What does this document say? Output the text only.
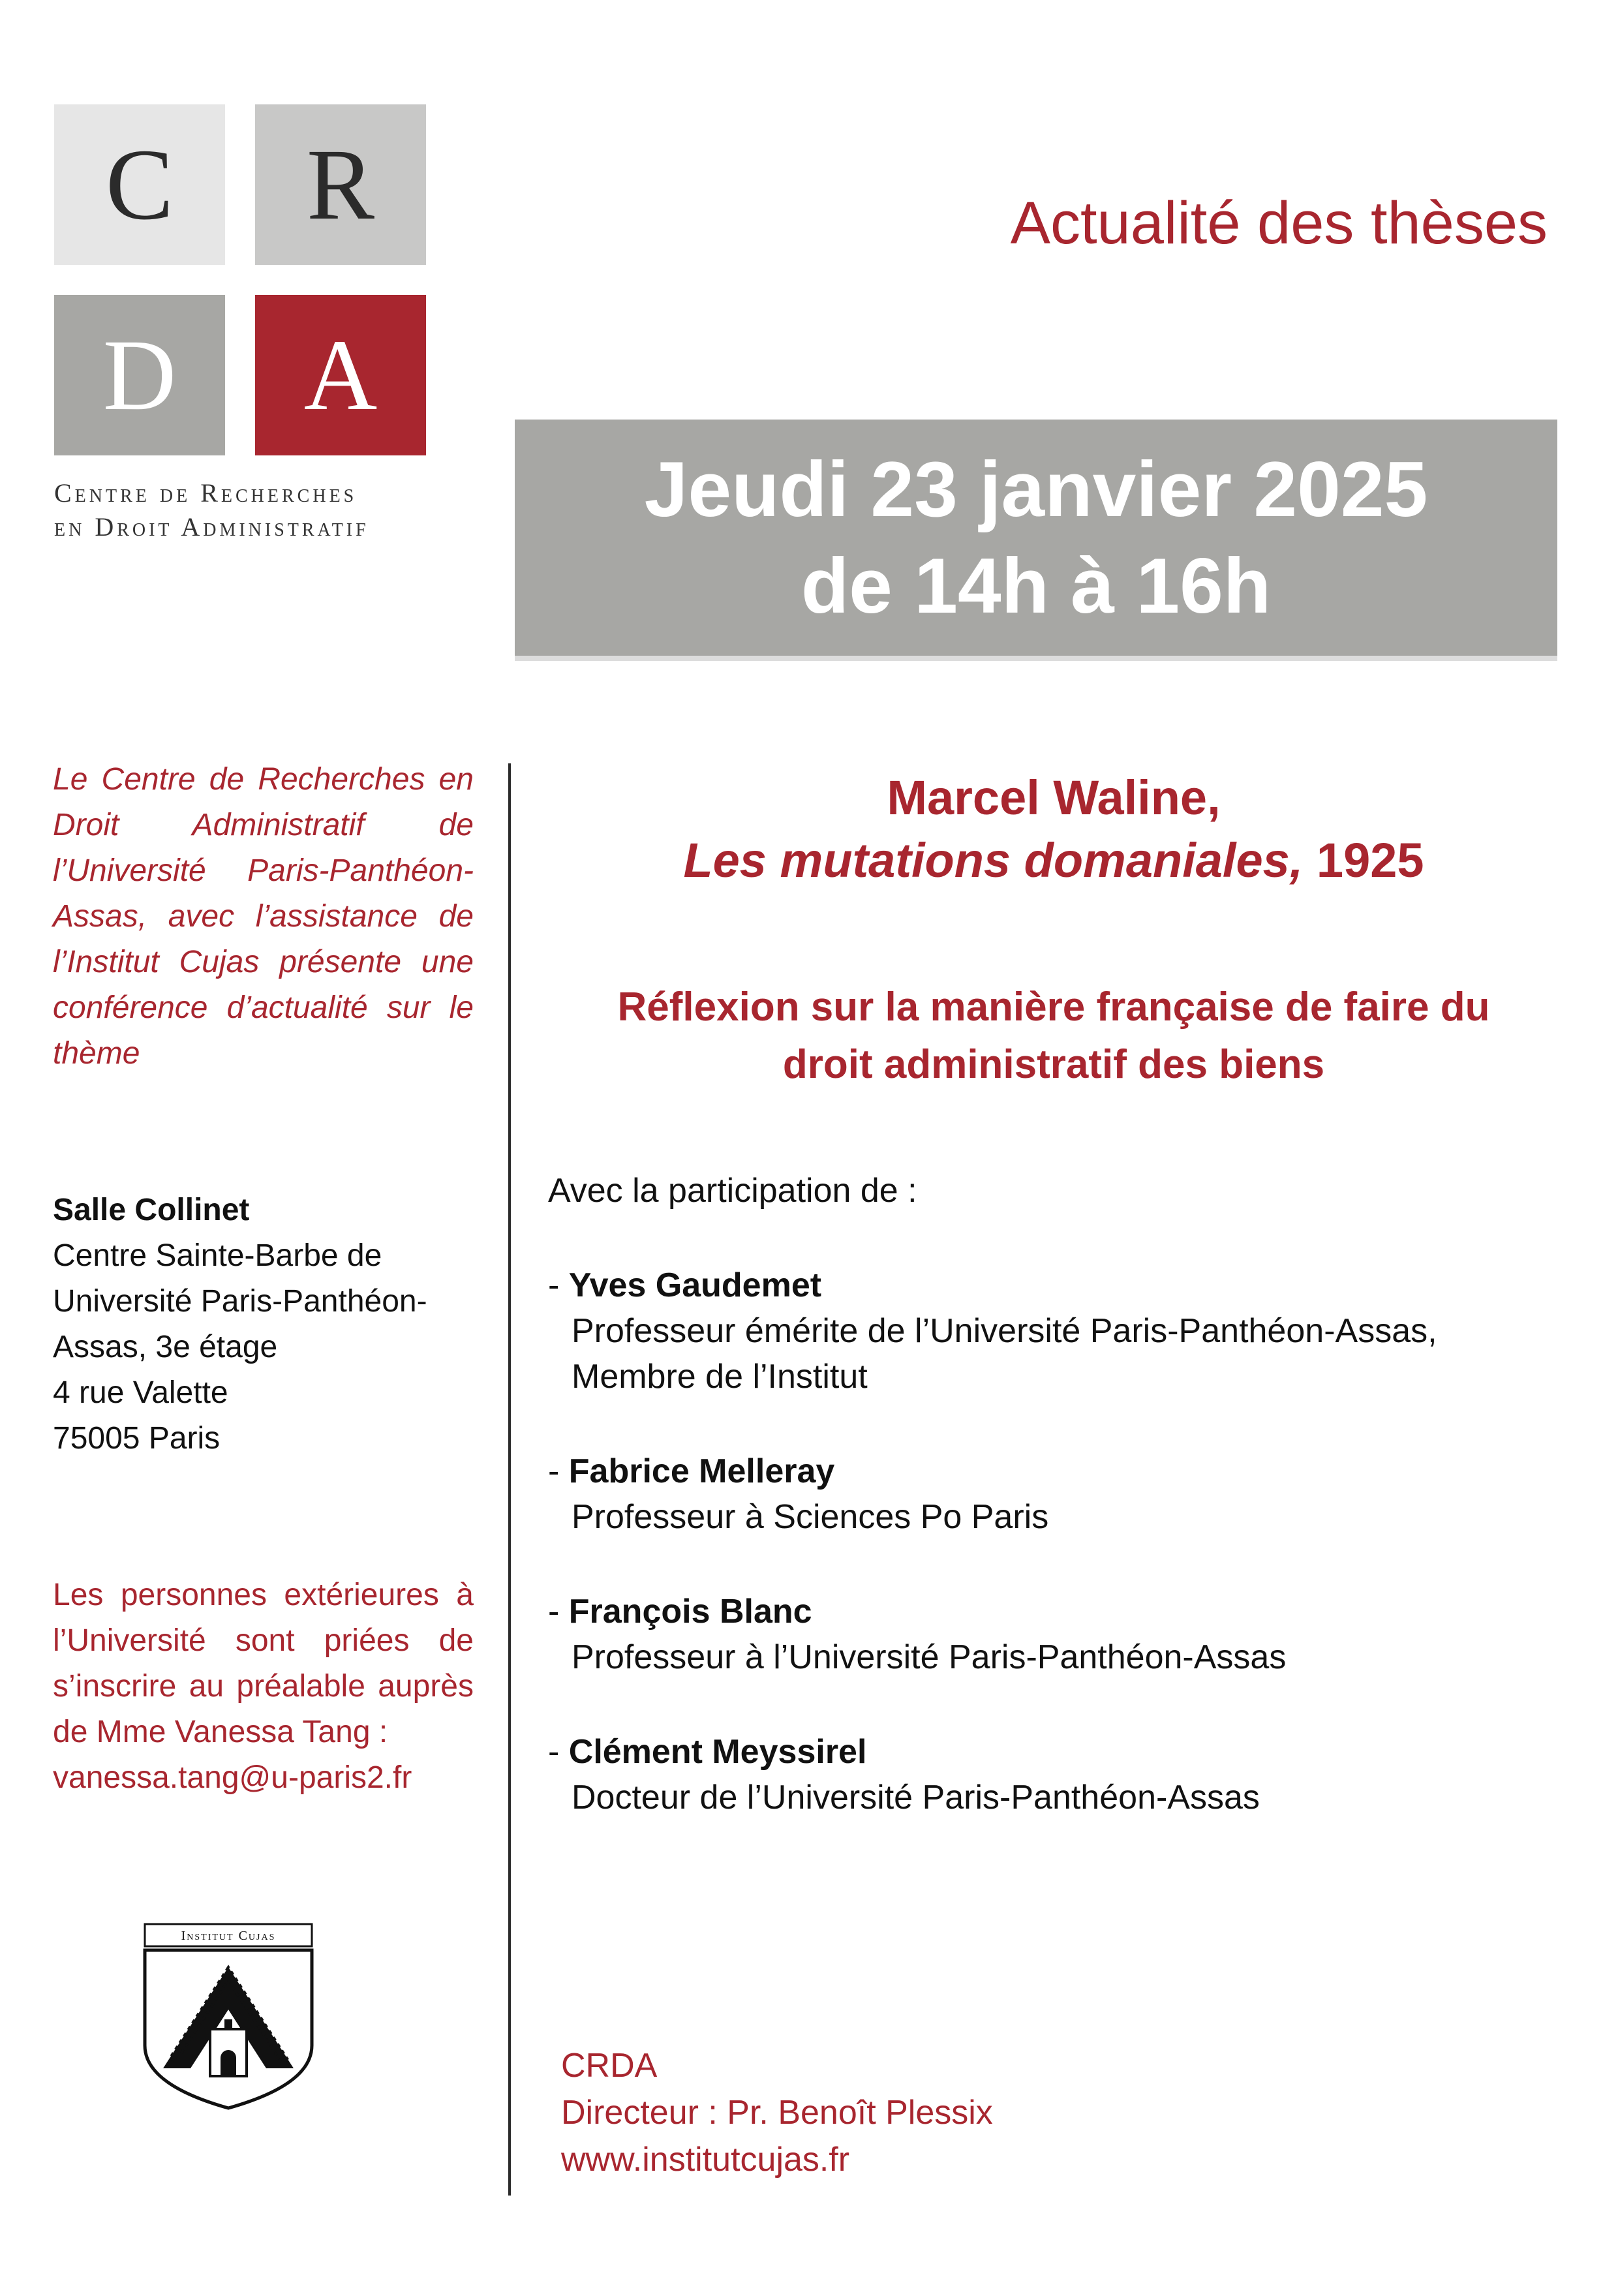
C R
D A
Centre de Recherches
en Droit Administratif
Actualité des thèses
Jeudi 23 janvier 2025
de 14h à 16h
Le Centre de Recherches en Droit Administratif de l’Université Paris-Panthéon-Assas, avec l’assistance de l’Institut Cujas présente une conférence d’actualité sur le thème
Salle Collinet
Centre Sainte-Barbe de
Université Paris-Panthéon-
Assas, 3e étage
4 rue Valette
75005 Paris
Les personnes extérieures à l’Université sont priées de s’inscrire au préalable auprès de Mme Vanessa Tang :
vanessa.tang@u-paris2.fr
Institut Cujas
Marcel Waline,
Les mutations domaniales, 1925
Réflexion sur la manière française de faire du
droit administratif des biens
Avec la participation de :
- Yves Gaudemet
Professeur émérite de l’Université Paris-Panthéon-Assas,
Membre de l’Institut
- Fabrice Melleray
Professeur à Sciences Po Paris
- François Blanc
Professeur à l’Université Paris-Panthéon-Assas
- Clément Meyssirel
Docteur de l’Université Paris-Panthéon-Assas
CRDA
Directeur : Pr. Benoît Plessix
www.institutcujas.fr
